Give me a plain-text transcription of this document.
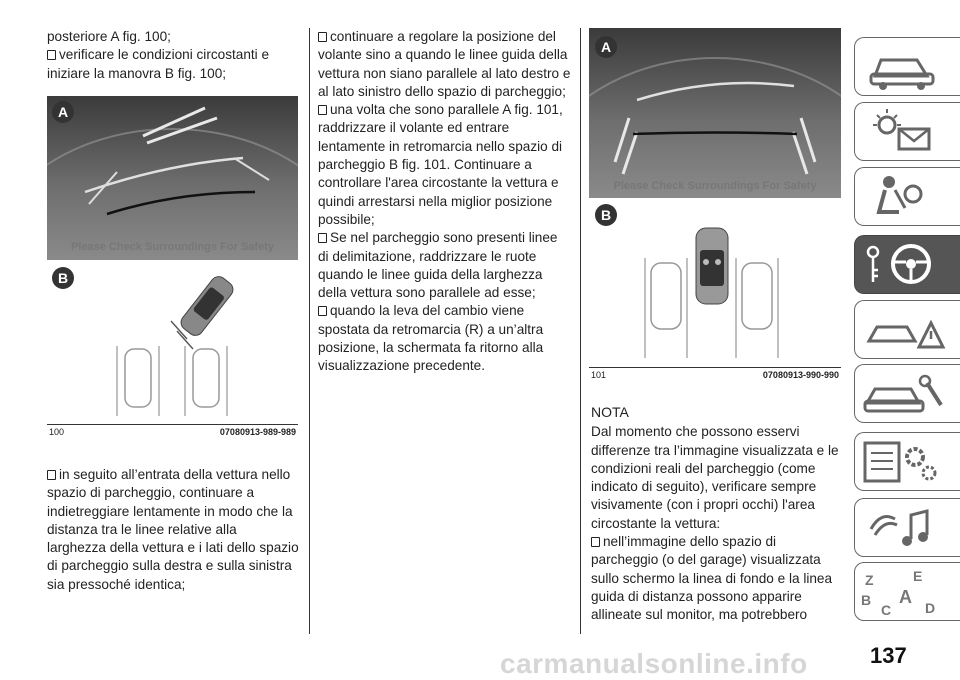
posteriore A fig. 100;

verificare le condizioni circostanti e iniziare la manovra B fig. 100;

A
Please Check Surroundings For Safety
B
100	07080913-989-989

in seguito all’entrata della vettura nello spazio di parcheggio, continuare a indietreggiare lentamente in modo che la distanza tra le linee relative alla larghezza della vettura e i lati dello spazio di parcheggio sulla destra e sulla sinistra sia pressoché identica;

continuare a regolare la posizione del volante sino a quando le linee guida della vettura non siano parallele al lato destro e al lato sinistro dello spazio di parcheggio;

una volta che sono parallele A fig. 101, raddrizzare il volante ed entrare lentamente in retromarcia nello spazio di parcheggio B fig. 101. Continuare a controllare l'area circostante la vettura e quindi arrestarsi nella miglior posizione possibile;

Se nel parcheggio sono presenti linee di delimitazione, raddrizzare le ruote quando le linee guida della larghezza della vettura sono parallele ad esse;

quando la leva del cambio viene spostata da retromarcia (R) a un’altra posizione, la schermata fa ritorno alla visualizzazione precedente.

A
Please Check Surroundings For Safety
B
101	07080913-990-990

NOTA

Dal momento che possono esservi differenze tra l’immagine visualizzata e le condizioni reali del parcheggio (come indicato di seguito), verificare sempre visivamente (con i propri occhi) l'area circostante la vettura:

nell’immagine dello spazio di parcheggio (o del garage) visualizzata sullo schermo la linea di fondo e la linea guida di distanza possono apparire allineate sul monitor, ma potrebbero

Z	E
B
C
A
D
137
carmanualsonline.info
